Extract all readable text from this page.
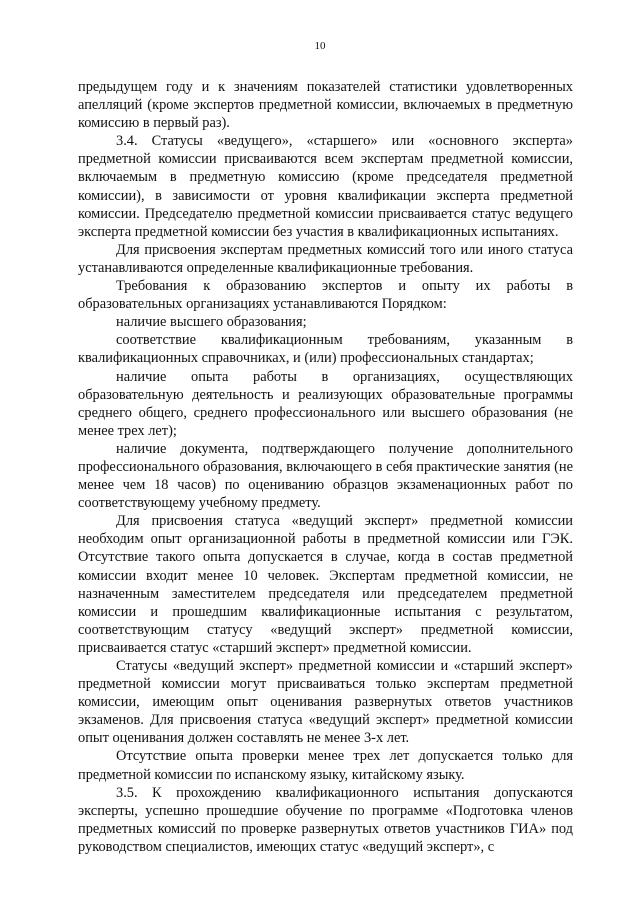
10

предыдущем году и к значениям показателей статистики удовлетворенных апелляций (кроме экспертов предметной комиссии, включаемых в предметную комиссию в первый раз).

3.4. Статусы «ведущего», «старшего» или «основного эксперта» предметной комиссии присваиваются всем экспертам предметной комиссии, включаемым в предметную комиссию (кроме председателя предметной комиссии), в зависимости от уровня квалификации эксперта предметной комиссии. Председателю предметной комиссии присваивается статус ведущего эксперта предметной комиссии без участия в квалификационных испытаниях.

Для присвоения экспертам предметных комиссий того или иного статуса устанавливаются определенные квалификационные требования.

Требования к образованию экспертов и опыту их работы в образовательных организациях устанавливаются Порядком:

наличие высшего образования;

соответствие квалификационным требованиям, указанным в квалификационных справочниках, и (или) профессиональных стандартах;

наличие опыта работы в организациях, осуществляющих образовательную деятельность и реализующих образовательные программы среднего общего, среднего профессионального или высшего образования (не менее трех лет);

наличие документа, подтверждающего получение дополнительного профессионального образования, включающего в себя практические занятия (не менее чем 18 часов) по оцениванию образцов экзаменационных работ по соответствующему учебному предмету.

Для присвоения статуса «ведущий эксперт» предметной комиссии необходим опыт организационной работы в предметной комиссии или ГЭК. Отсутствие такого опыта допускается в случае, когда в состав предметной комиссии входит менее 10 человек. Экспертам предметной комиссии, не назначенным заместителем председателя или председателем предметной комиссии и прошедшим квалификационные испытания с результатом, соответствующим статусу «ведущий эксперт» предметной комиссии, присваивается статус «старший эксперт» предметной комиссии.

Статусы «ведущий эксперт» предметной комиссии и «старший эксперт» предметной комиссии могут присваиваться только экспертам предметной комиссии, имеющим опыт оценивания развернутых ответов участников экзаменов. Для присвоения статуса «ведущий эксперт» предметной комиссии опыт оценивания должен составлять не менее 3-х лет.

Отсутствие опыта проверки менее трех лет допускается только для предметной комиссии по испанскому языку, китайскому языку.

3.5. К прохождению квалификационного испытания допускаются эксперты, успешно прошедшие обучение по программе «Подготовка членов предметных комиссий по проверке развернутых ответов участников ГИА» под руководством специалистов, имеющих статус «ведущий эксперт», с
